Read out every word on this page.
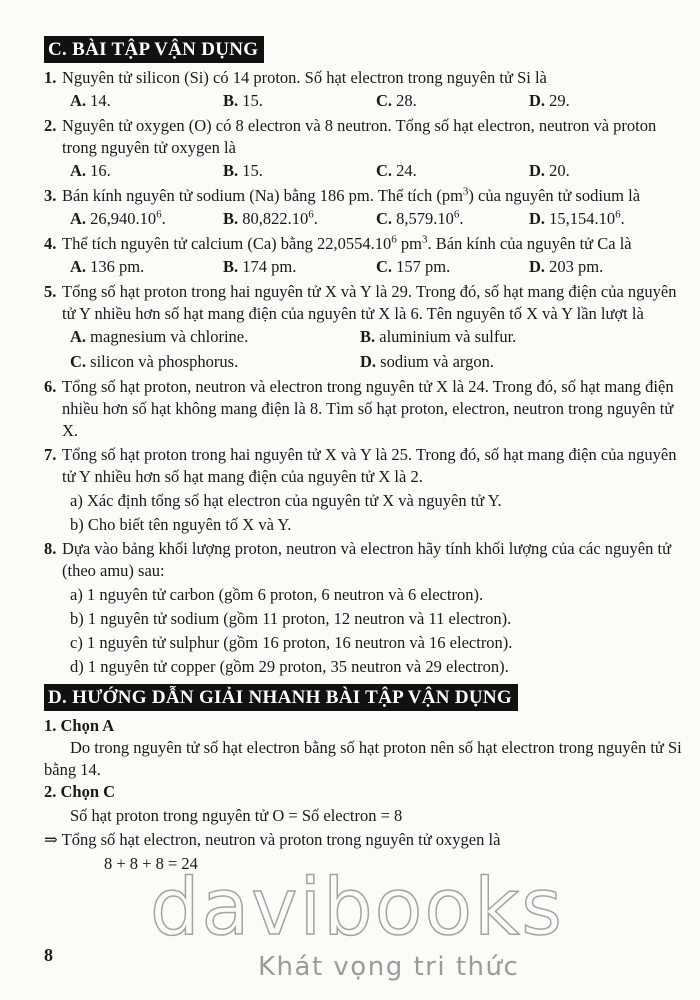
C. BÀI TẬP VẬN DỤNG
1. Nguyên tử silicon (Si) có 14 proton. Số hạt electron trong nguyên tử Si là
A. 14.	B. 15.	C. 28.	D. 29.
2. Nguyên tử oxygen (O) có 8 electron và 8 neutron. Tổng số hạt electron, neutron và proton trong nguyên tử oxygen là
A. 16.	B. 15.	C. 24.	D. 20.
3. Bán kính nguyên tử sodium (Na) bằng 186 pm. Thể tích $(pm^3)$ của nguyên tử sodium là
A. 26,940.10$^6$.	B. 80,822.10$^6$.	C. 8,579.10$^6$.	D. 15,154.10$^6$.
4. Thể tích nguyên tử calcium (Ca) bằng 22,0554.10$^6$ $pm^3$. Bán kính của nguyên tử Ca là
A. 136 pm.	B. 174 pm.	C. 157 pm.	D. 203 pm.
5. Tổng số hạt proton trong hai nguyên tử X và Y là 29. Trong đó, số hạt mang điện của nguyên tử Y nhiều hơn số hạt mang điện của nguyên tử X là 6. Tên nguyên tố X và Y lần lượt là
A. magnesium và chlorine.	B. aluminium và sulfur.
C. silicon và phosphorus.	D. sodium và argon.
6. Tổng số hạt proton, neutron và electron trong nguyên tử X là 24. Trong đó, số hạt mang điện nhiều hơn số hạt không mang điện là 8. Tìm số hạt proton, electron, neutron trong nguyên tử X.
7. Tổng số hạt proton trong hai nguyên tử X và Y là 25. Trong đó, số hạt mang điện của nguyên tử Y nhiều hơn số hạt mang điện của nguyên tử X là 2.
a) Xác định tổng số hạt electron của nguyên tử X và nguyên tử Y.
b) Cho biết tên nguyên tố X và Y.
8. Dựa vào bảng khối lượng proton, neutron và electron hãy tính khối lượng của các nguyên tử (theo amu) sau:
a) 1 nguyên tử carbon (gồm 6 proton, 6 neutron và 6 electron).
b) 1 nguyên tử sodium (gồm 11 proton, 12 neutron và 11 electron).
c) 1 nguyên tử sulphur (gồm 16 proton, 16 neutron và 16 electron).
d) 1 nguyên tử copper (gồm 29 proton, 35 neutron và 29 electron).
D. HƯỚNG DẪN GIẢI NHANH BÀI TẬP VẬN DỤNG
1. Chọn A
Do trong nguyên tử số hạt electron bằng số hạt proton nên số hạt electron trong nguyên tử Si bằng 14.
2. Chọn C
Số hạt proton trong nguyên tử O = Số electron = 8
⇒ Tổng số hạt electron, neutron và proton trong nguyên tử oxygen là
8 + 8 + 8 = 24
8
davibooks
Khát vọng tri thức
